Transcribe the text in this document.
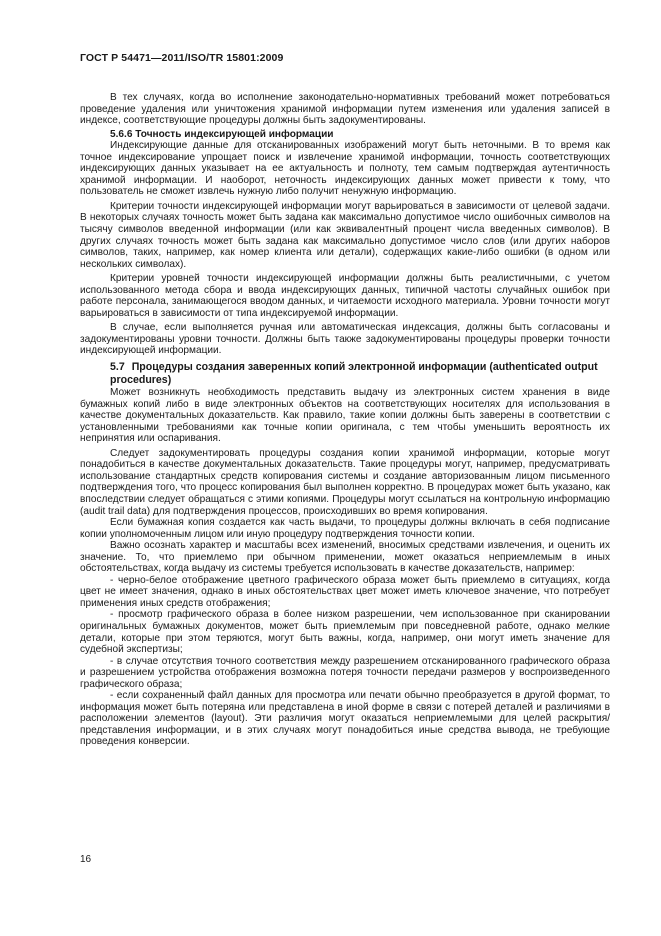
ГОСТ Р 54471—2011/ISO/TR 15801:2009

В тех случаях, когда во исполнение законодательно-нормативных требований может потребоваться проведение удаления или уничтожения хранимой информации путем изменения или удаления записей в индексе, соответствующие процедуры должны быть задокументированы.

5.6.6 Точность индексирующей информации

Индексирующие данные для отсканированных изображений могут быть неточными. В то время как точное индексирование упрощает поиск и извлечение хранимой информации, точность соответствующих индексирующих данных указывает на ее актуальность и полноту, тем самым подтверждая аутентичность хранимой информации. И наоборот, неточность индексирующих данных может привести к тому, что пользователь не сможет извлечь нужную либо получит ненужную информацию.

Критерии точности индексирующей информации могут варьироваться в зависимости от целевой задачи. В некоторых случаях точность может быть задана как максимально допустимое число ошибочных символов на тысячу символов введенной информации (или как эквивалентный процент числа введенных символов). В других случаях точность может быть задана как максимально допустимое число слов (или других наборов символов, таких, например, как номер клиента или детали), содержащих какие-либо ошибки (в одном или нескольких символах).

Критерии уровней точности индексирующей информации должны быть реалистичными, с учетом использованного метода сбора и ввода индексирующих данных, типичной частоты случайных ошибок при работе персонала, занимающегося вводом данных, и читаемости исходного материала. Уровни точности могут варьироваться в зависимости от типа индексируемой информации.

В случае, если выполняется ручная или автоматическая индексация, должны быть согласованы и задокументированы уровни точности. Должны быть также задокументированы процедуры проверки точности индексирующей информации.

5.7 Процедуры создания заверенных копий электронной информации (authenticated output procedures)

Может возникнуть необходимость представить выдачу из электронных систем хранения в виде бумажных копий либо в виде электронных объектов на соответствующих носителях для использования в качестве документальных доказательств. Как правило, такие копии должны быть заверены в соответствии с установленными требованиями как точные копии оригинала, с тем чтобы уменьшить вероятность их непринятия или оспаривания.

Следует задокументировать процедуры создания копии хранимой информации, которые могут понадобиться в качестве документальных доказательств. Такие процедуры могут, например, предусматривать использование стандартных средств копирования системы и создание авторизованным лицом письменного подтверждения того, что процесс копирования был выполнен корректно. В процедурах может быть указано, как впоследствии следует обращаться с этими копиями. Процедуры могут ссылаться на контрольную информацию (audit trail data) для подтверждения процессов, происходивших во время копирования.

Если бумажная копия создается как часть выдачи, то процедуры должны включать в себя подписание копии уполномоченным лицом или иную процедуру подтверждения точности копии.

Важно осознать характер и масштабы всех изменений, вносимых средствами извлечения, и оценить их значение. То, что приемлемо при обычном применении, может оказаться неприемлемым в иных обстоятельствах, когда выдачу из системы требуется использовать в качестве доказательств, например:

- черно-белое отображение цветного графического образа может быть приемлемо в ситуациях, когда цвет не имеет значения, однако в иных обстоятельствах цвет может иметь ключевое значение, что потребует применения иных средств отображения;

- просмотр графического образа в более низком разрешении, чем использованное при сканировании оригинальных бумажных документов, может быть приемлемым при повседневной работе, однако мелкие детали, которые при этом теряются, могут быть важны, когда, например, они могут иметь значение для судебной экспертизы;

- в случае отсутствия точного соответствия между разрешением отсканированного графического образа и разрешением устройства отображения возможна потеря точности передачи размеров у воспроизведенного графического образа;

- если сохраненный файл данных для просмотра или печати обычно преобразуется в другой формат, то информация может быть потеряна или представлена в иной форме в связи с потерей деталей и различиями в расположении элементов (layout). Эти различия могут оказаться неприемлемыми для целей раскрытия/представления информации, и в этих случаях могут понадобиться иные средства вывода, не требующие проведения конверсии.

16
